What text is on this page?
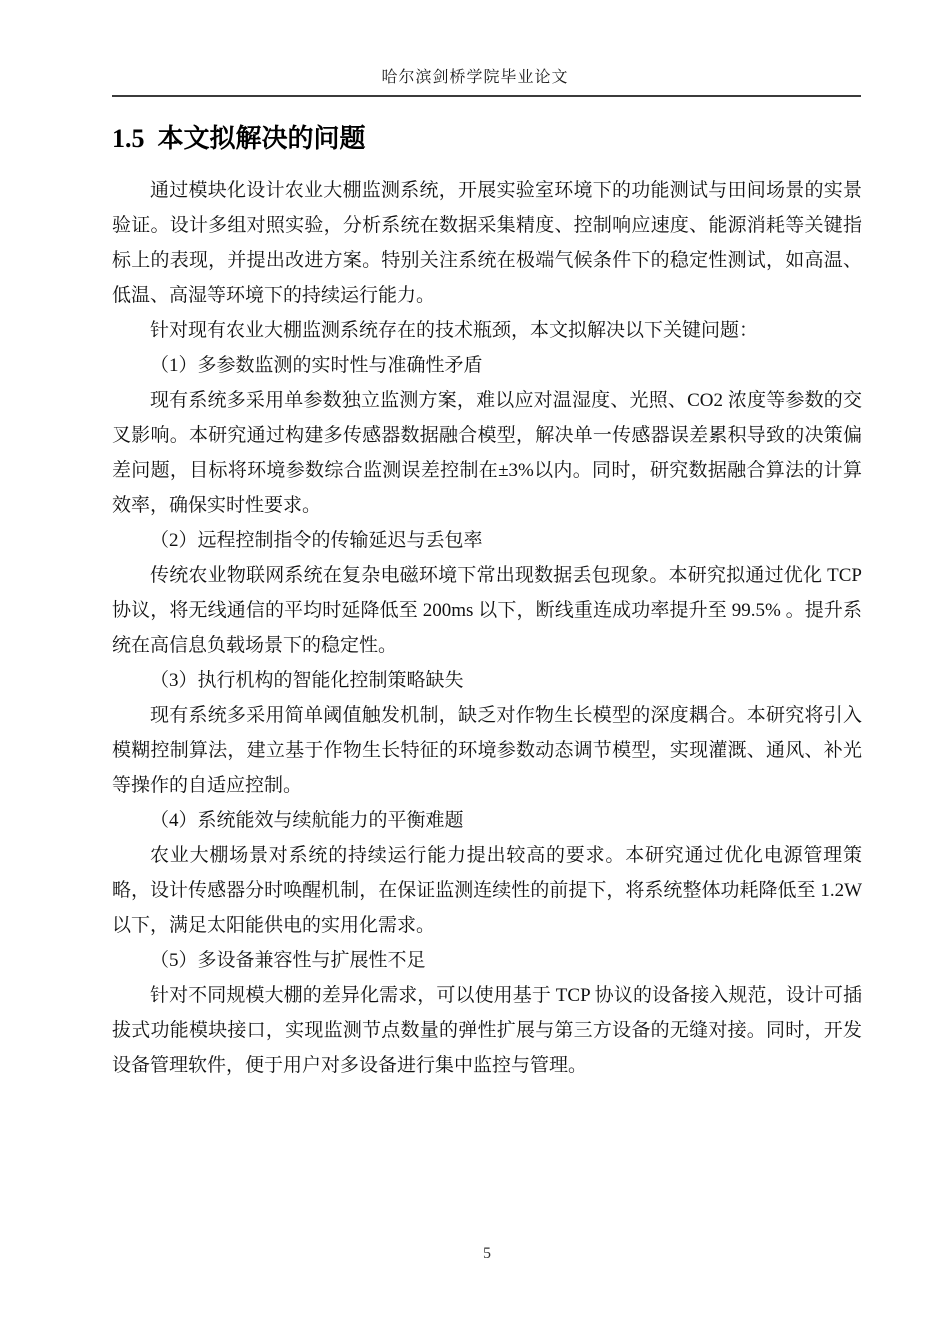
哈尔滨剑桥学院毕业论文
1.5 本文拟解决的问题

通过模块化设计农业大棚监测系统，开展实验室环境下的功能测试与田间场景的实景验证。设计多组对照实验，分析系统在数据采集精度、控制响应速度、能源消耗等关键指标上的表现，并提出改进方案。特别关注系统在极端气候条件下的稳定性测试，如高温、低温、高湿等环境下的持续运行能力。

针对现有农业大棚监测系统存在的技术瓶颈，本文拟解决以下关键问题：

（1）多参数监测的实时性与准确性矛盾

现有系统多采用单参数独立监测方案，难以应对温湿度、光照、CO2 浓度等参数的交 叉影响。本研究通过构建多传感器数据融合模型，解决单一传感器误差累积导致的决策偏 差问题，目标将环境参数综合监测误差控制在±3%以内。同时，研究数据融合算法的计算 效率，确保实时性要求。

（2）远程控制指令的传输延迟与丢包率

传统农业物联网系统在复杂电磁环境下常出现数据丢包现象。本研究拟通过优化 TCP 协议，将无线通信的平均时延降低至 200ms 以下，断线重连成功率提升至 99.5% 。提升系 统在高信息负载场景下的稳定性。

（3）执行机构的智能化控制策略缺失

现有系统多采用简单阈值触发机制，缺乏对作物生长模型的深度耦合。本研究将引入模糊控制算法，建立基于作物生长特征的环境参数动态调节模型，实现灌溉、通风、补光等操作的自适应控制。

（4）系统能效与续航能力的平衡难题

农业大棚场景对系统的持续运行能力提出较高的要求。本研究通过优化电源管理策略，设计传感器分时唤醒机制，在保证监测连续性的前提下，将系统整体功耗降低至 1.2W 以下，满足太阳能供电的实用化需求。

（5）多设备兼容性与扩展性不足

针对不同规模大棚的差异化需求，可以使用基于 TCP 协议的设备接入规范，设计可插 拔式功能模块接口，实现监测节点数量的弹性扩展与第三方设备的无缝对接。同时，开发 设备管理软件，便于用户对多设备进行集中监控与管理。

5
